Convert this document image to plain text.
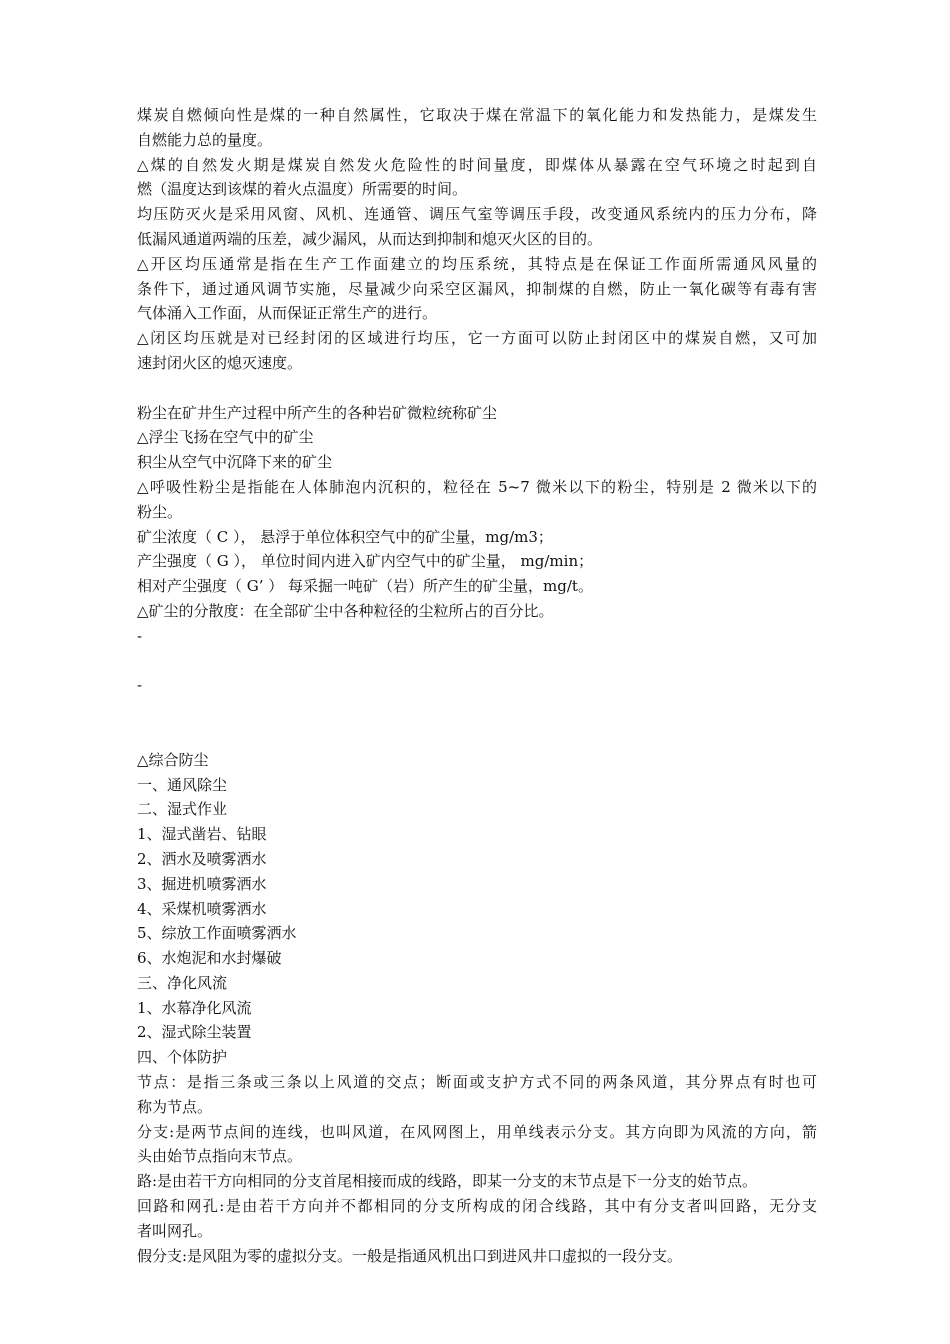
煤炭自燃倾向性是煤的一种自然属性，它取决于煤在常温下的氧化能力和发热能力，是煤发生
自燃能力总的量度。
△煤的自然发火期是煤炭自然发火危险性的时间量度，即煤体从暴露在空气环境之时起到自
燃（温度达到该煤的着火点温度）所需要的时间。
均压防灭火是采用风窗、风机、连通管、调压气室等调压手段，改变通风系统内的压力分布，降
低漏风通道两端的压差，减少漏风，从而达到抑制和熄灭火区的目的。
△开区均压通常是指在生产工作面建立的均压系统，其特点是在保证工作面所需通风风量的
条件下，通过通风调节实施，尽量减少向采空区漏风，抑制煤的自燃，防止一氧化碳等有毒有害
气体涌入工作面，从而保证正常生产的进行。
△闭区均压就是对已经封闭的区域进行均压，它一方面可以防止封闭区中的煤炭自燃，又可加
速封闭火区的熄灭速度。
粉尘在矿井生产过程中所产生的各种岩矿微粒统称矿尘
△浮尘飞扬在空气中的矿尘
积尘从空气中沉降下来的矿尘
△呼吸性粉尘是指能在人体肺泡内沉积的，粒径在 5~7 微米以下的粉尘，特别是 2 微米以下的
粉尘。
矿尘浓度（ C ）， 悬浮于单位体积空气中的矿尘量，mg/m3；
产尘强度（ G ）， 单位时间内进入矿内空气中的矿尘量， mg/min；
相对产尘强度（ G’ ） 每采掘一吨矿（岩）所产生的矿尘量，mg/t。
△矿尘的分散度：在全部矿尘中各种粒径的尘粒所占的百分比。
-
-
△综合防尘
一、通风除尘
二、湿式作业
1、湿式凿岩、钻眼
2、洒水及喷雾洒水
3、掘进机喷雾洒水
4、采煤机喷雾洒水
5、综放工作面喷雾洒水
6、水炮泥和水封爆破
三、净化风流
1、水幕净化风流
2、湿式除尘装置
四、个体防护
节点：是指三条或三条以上风道的交点；断面或支护方式不同的两条风道，其分界点有时也可
称为节点。
分支:是两节点间的连线，也叫风道，在风网图上，用单线表示分支。其方向即为风流的方向，箭
头由始节点指向末节点。
路:是由若干方向相同的分支首尾相接而成的线路，即某一分支的末节点是下一分支的始节点。
回路和网孔:是由若干方向并不都相同的分支所构成的闭合线路，其中有分支者叫回路，无分支
者叫网孔。
假分支:是风阻为零的虚拟分支。一般是指通风机出口到进风井口虚拟的一段分支。
